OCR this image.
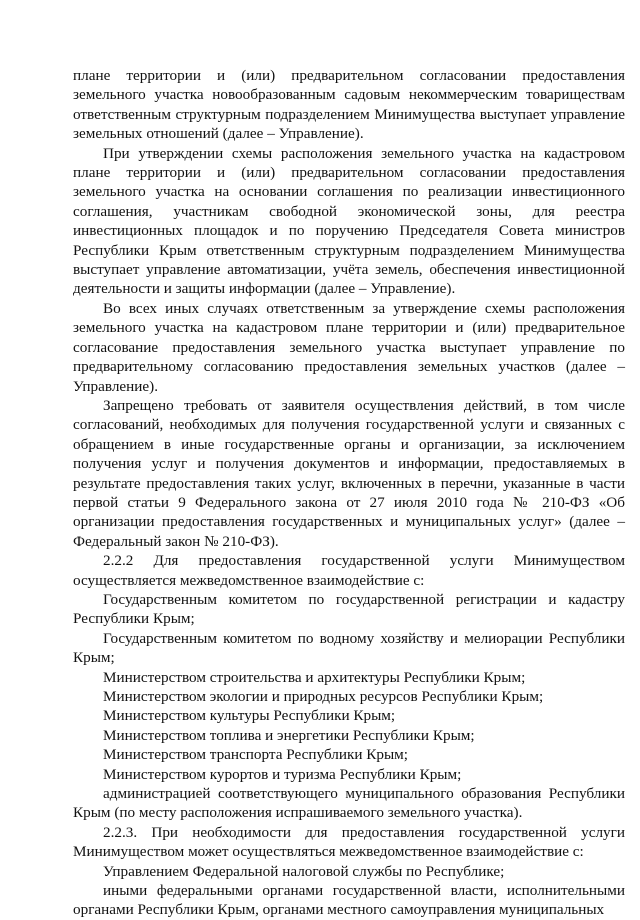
плане территории и (или) предварительном согласовании предоставления земельного участка новообразованным садовым некоммерческим товариществам ответственным структурным подразделением Минимущества выступает управление земельных отношений (далее – Управление).

При утверждении схемы расположения земельного участка на кадастровом плане территории и (или) предварительном согласовании предоставления земельного участка на основании соглашения по реализации инвестиционного соглашения, участникам свободной экономической зоны, для реестра инвестиционных площадок и по поручению Председателя Совета министров Республики Крым ответственным структурным подразделением Минимущества выступает управление автоматизации, учёта земель, обеспечения инвестиционной деятельности и защиты информации (далее – Управление).

Во всех иных случаях ответственным за утверждение схемы расположения земельного участка на кадастровом плане территории и (или) предварительное согласование предоставления земельного участка выступает управление по предварительному согласованию предоставления земельных участков (далее – Управление).

Запрещено требовать от заявителя осуществления действий, в том числе согласований, необходимых для получения государственной услуги и связанных с обращением в иные государственные органы и организации, за исключением получения услуг и получения документов и информации, предоставляемых в результате предоставления таких услуг, включенных в перечни, указанные в части первой статьи 9 Федерального закона от 27 июля 2010 года № 210-ФЗ «Об организации предоставления государственных и муниципальных услуг» (далее – Федеральный закон № 210-ФЗ).

2.2.2 Для предоставления государственной услуги Минимуществом осуществляется межведомственное взаимодействие с:

Государственным комитетом по государственной регистрации и кадастру Республики Крым;

Государственным комитетом по водному хозяйству и мелиорации Республики Крым;

Министерством строительства и архитектуры Республики Крым;

Министерством экологии и природных ресурсов Республики Крым;

Министерством культуры Республики Крым;

Министерством топлива и энергетики Республики Крым;

Министерством транспорта Республики Крым;

Министерством курортов и туризма Республики Крым;

администрацией соответствующего муниципального образования Республики Крым (по месту расположения испрашиваемого земельного участка).

2.2.3. При необходимости для предоставления государственной услуги Минимуществом может осуществляться межведомственное взаимодействие с:

Управлением Федеральной налоговой службы по Республике;

иными федеральными органами государственной власти, исполнительными органами Республики Крым, органами местного самоуправления муниципальных
